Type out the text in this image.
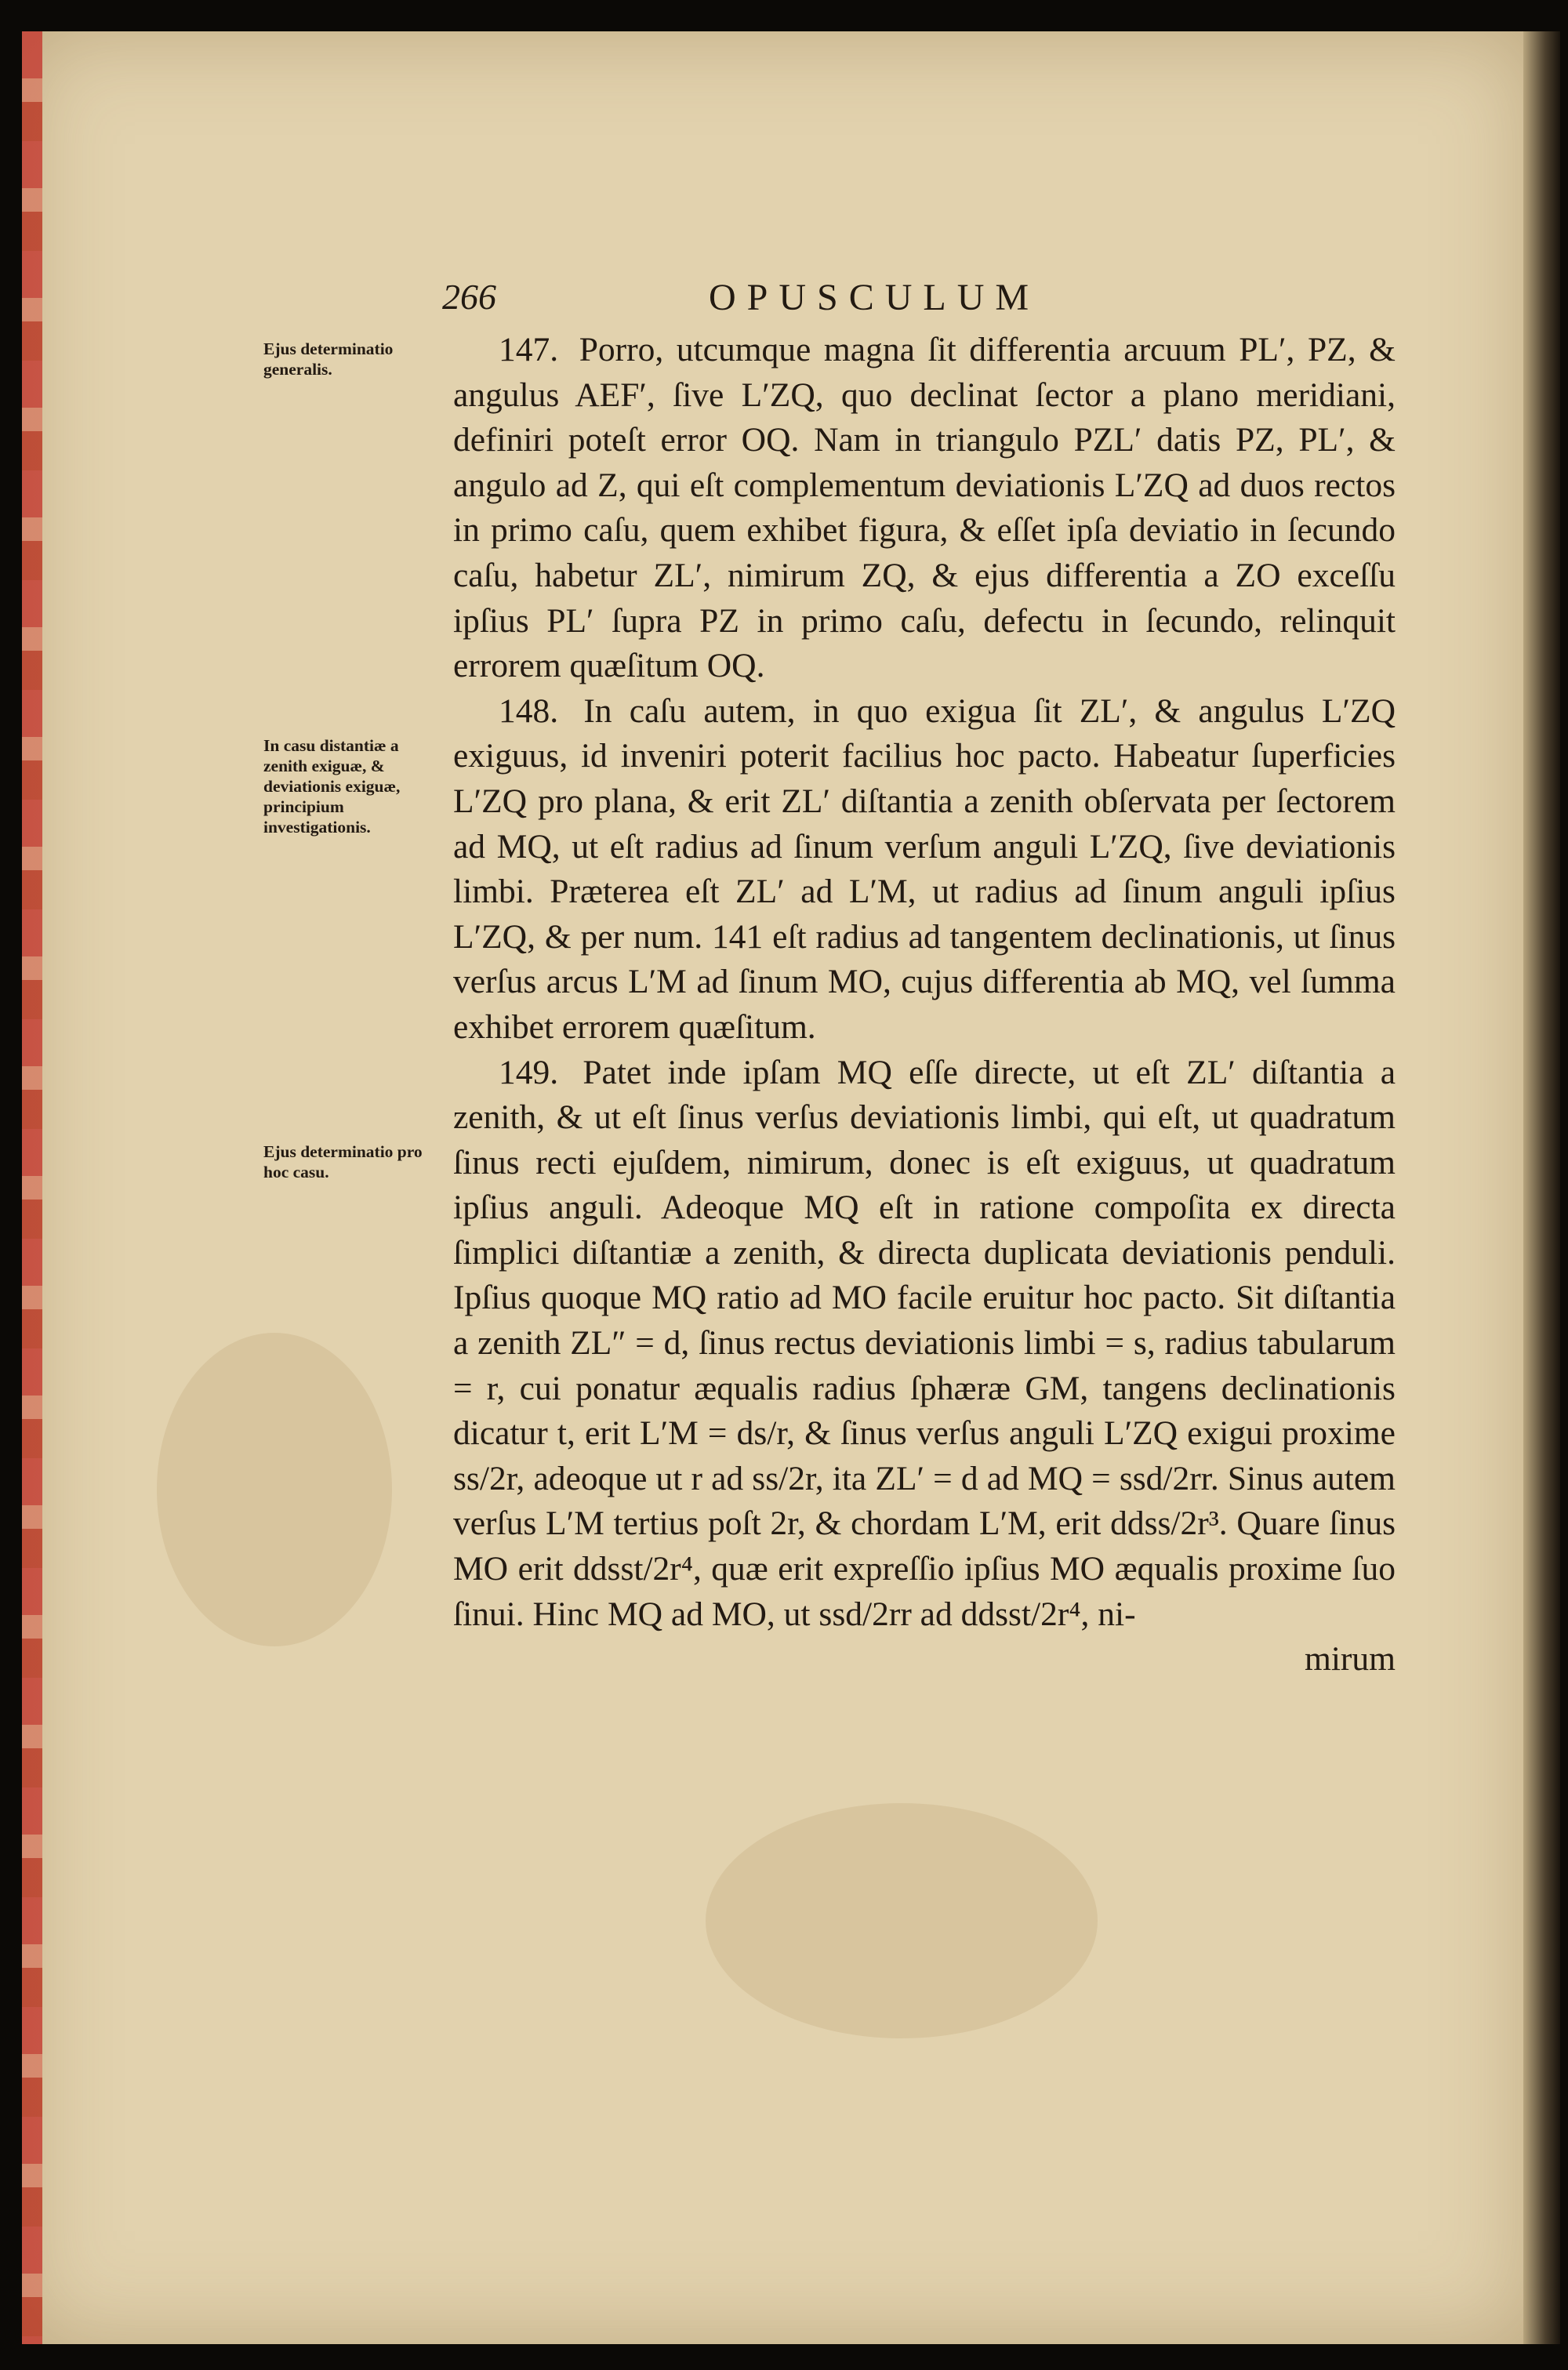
266	OPUSCULUM
Ejus determinatio generalis.
In casu distantiæ a zenith exiguæ, & deviationis exiguæ, principium investigationis.
Ejus determinatio pro hoc casu.

147. Porro, utcumque magna ſit differentia arcuum PL′, PZ, & angulus AEF′, ſive L′ZQ, quo declinat ſector a plano meridiani, definiri poteſt error OQ. Nam in triangulo PZL′ datis PZ, PL′, & angulo ad Z, qui eſt complementum deviationis L′ZQ ad duos rectos in primo caſu, quem exhibet figura, & eſſet ipſa deviatio in ſecundo caſu, habetur ZL′, nimirum ZQ, & ejus differentia a ZO exceſſu ipſius PL′ ſupra PZ in primo caſu, defectu in ſecundo, relinquit errorem quæſitum OQ.

148. In caſu autem, in quo exigua ſit ZL′, & angulus L′ZQ exiguus, id inveniri poterit facilius hoc pacto. Habeatur ſuperficies L′ZQ pro plana, & erit ZL′ diſtantia a zenith obſervata per ſectorem ad MQ, ut eſt radius ad ſinum verſum anguli L′ZQ, ſive deviationis limbi. Præterea eſt ZL′ ad L′M, ut radius ad ſinum anguli ipſius L′ZQ, & per num. 141 eſt radius ad tangentem declinationis, ut ſinus verſus arcus L′M ad ſinum MO, cujus differentia ab MQ, vel ſumma exhibet errorem quæſitum.

149. Patet inde ipſam MQ eſſe directe, ut eſt ZL′ diſtantia a zenith, & ut eſt ſinus verſus deviationis limbi, qui eſt, ut quadratum ſinus recti ejuſdem, nimirum, donec is eſt exiguus, ut quadratum ipſius anguli. Adeoque MQ eſt in ratione compoſita ex directa ſimplici diſtantiæ a zenith, & directa duplicata deviationis penduli. Ipſius quoque MQ ratio ad MO facile eruitur hoc pacto. Sit diſtantia a zenith ZL″ = d, ſinus rectus deviationis limbi = s, radius tabularum = r, cui ponatur æqualis radius ſphæræ GM, tangens declinationis dicatur t, erit L′M = ds/r, & ſinus verſus anguli L′ZQ exigui proxime ss/2r, adeoque ut r ad ss/2r, ita ZL′ = d ad MQ = ssd/2rr. Sinus autem verſus L′M tertius poſt 2r, & chordam L′M, erit ddss/2r³. Quare ſinus MO erit ddsst/2r⁴, quæ erit expreſſio ipſius MO æqualis proxime ſuo ſinui. Hinc MQ ad MO, ut ssd/2rr ad ddsst/2r⁴, ni-
mirum
